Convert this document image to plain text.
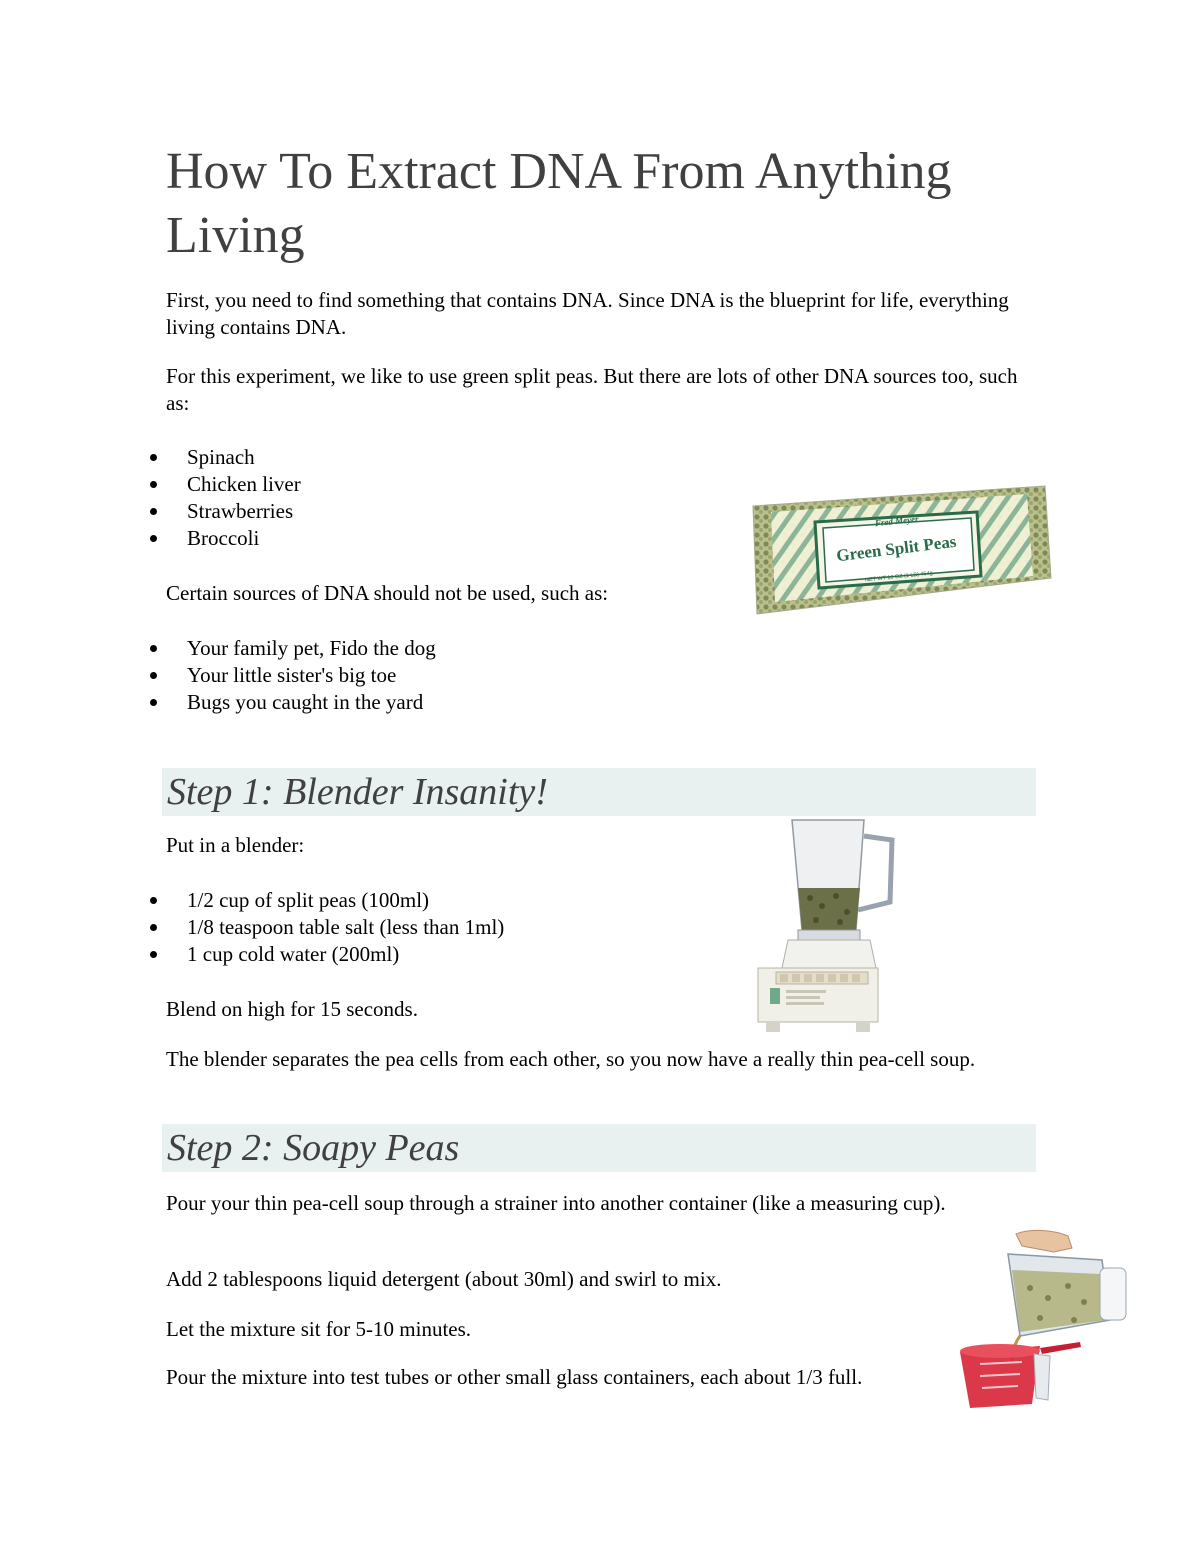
How To Extract DNA From Anything Living

First, you need to find something that contains DNA. Since DNA is the blueprint for life, everything living contains DNA.

For this experiment, we like to use green split peas. But there are lots of other DNA sources too, such as:

Spinach
Chicken liver
Strawberries
Broccoli

Certain sources of DNA should not be used, such as:

Your family pet, Fido the dog
Your little sister's big toe
Bugs you caught in the yard
Fred Meyer
Green Split Peas
NET WT 16 OZ (1 LB) 454g
Step 1: Blender Insanity!

Put in a blender:

1/2 cup of split peas (100ml)
1/8 teaspoon table salt (less than 1ml)
1 cup cold water (200ml)

Blend on high for 15 seconds.

The blender separates the pea cells from each other, so you now have a really thin pea-cell soup.

Step 2: Soapy Peas

Pour your thin pea-cell soup through a strainer into another container (like a measuring cup).

Add 2 tablespoons liquid detergent (about 30ml) and swirl to mix.

Let the mixture sit for 5-10 minutes.

Pour the mixture into test tubes or other small glass containers, each about 1/3 full.
